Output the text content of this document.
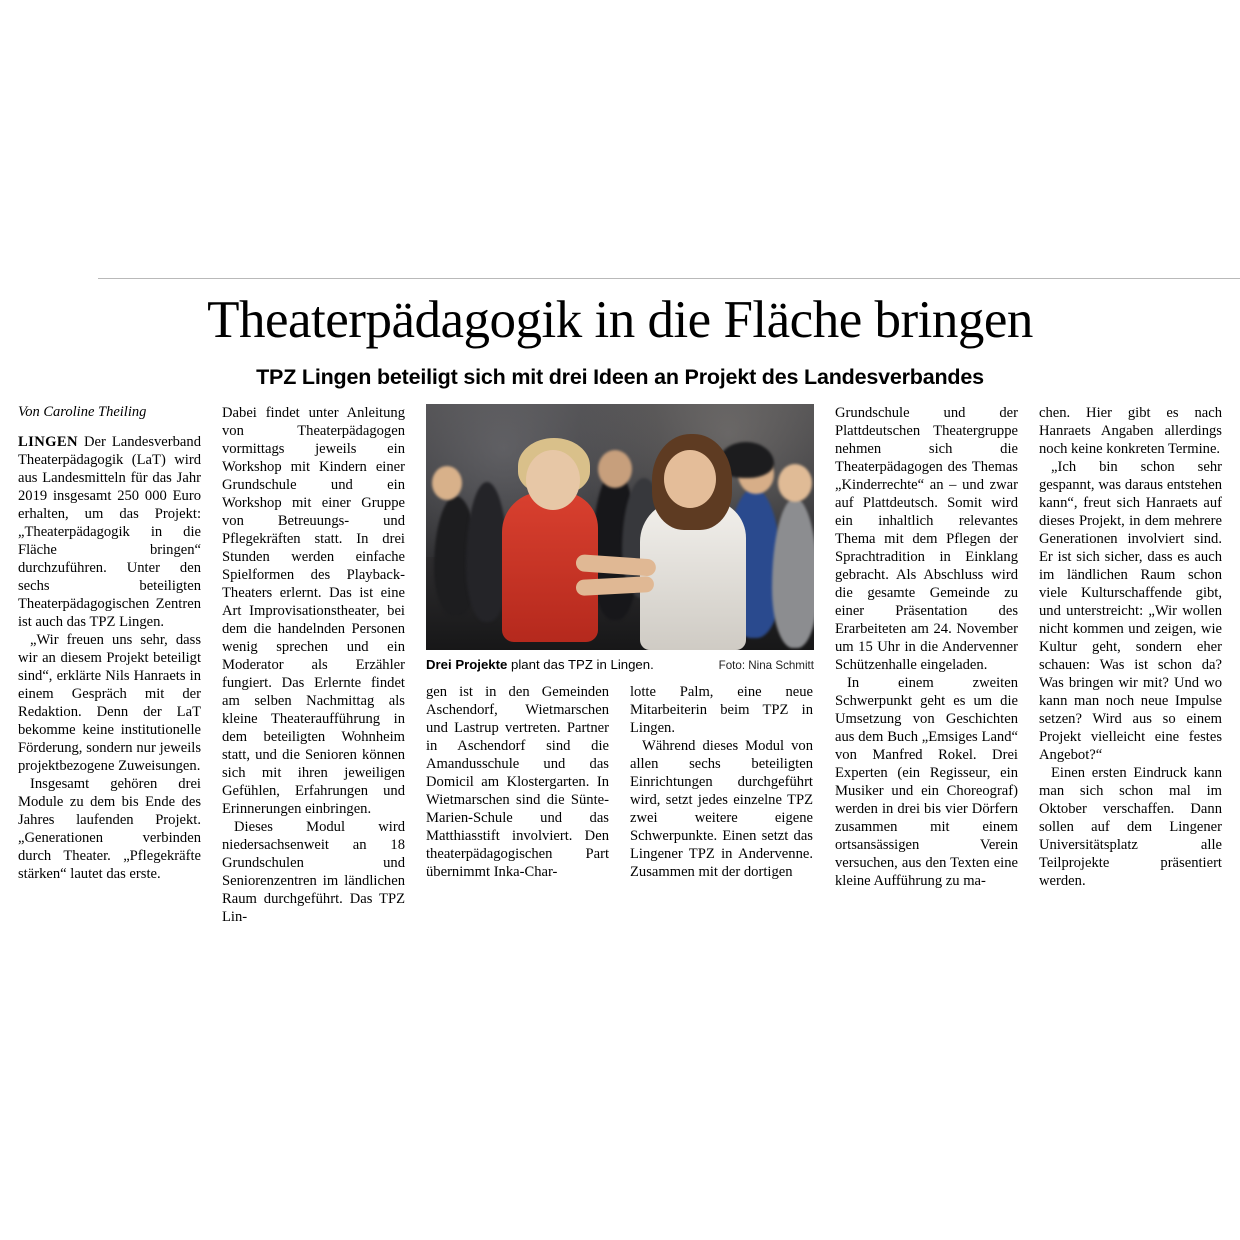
Theaterpädagogik in die Fläche bringen
TPZ Lingen beteiligt sich mit drei Ideen an Projekt des Landesverbandes
Von Caroline Theiling

LINGEN Der Landesverband Theaterpädagogik (LaT) wird aus Landesmitteln für das Jahr 2019 insgesamt 250 000 Euro erhalten, um das Projekt: „Theaterpädagogik in die Fläche bringen“ durchzuführen. Unter den sechs beteiligten Theaterpädagogischen Zentren ist auch das TPZ Lingen.

„Wir freuen uns sehr, dass wir an diesem Projekt beteiligt sind“, erklärte Nils Hanraets in einem Gespräch mit der Redaktion. Denn der LaT bekomme keine institutionelle Förderung, sondern nur jeweils projektbezogene Zuweisungen.

Insgesamt gehören drei Module zu dem bis Ende des Jahres laufenden Projekt. „Generationen verbinden durch Theater. „Pflegekräfte stärken“ lautet das erste.

Dabei findet unter Anleitung von Theaterpädagogen vormittags jeweils ein Workshop mit Kindern einer Grundschule und ein Workshop mit einer Gruppe von Betreuungs- und Pflegekräften statt. In drei Stunden werden einfache Spielformen des Playback-Theaters erlernt. Das ist eine Art Improvisationstheater, bei dem die handelnden Personen wenig sprechen und ein Moderator als Erzähler fungiert. Das Erlernte findet am selben Nachmittag als kleine Theateraufführung in dem beteiligten Wohnheim statt, und die Senioren können sich mit ihren jeweiligen Gefühlen, Erfahrungen und Erinnerungen einbringen.

Dieses Modul wird niedersachsenweit an 18 Grundschulen und Seniorenzentren im ländlichen Raum durchgeführt. Das TPZ Lin-

Drei Projekte plant das TPZ in Lingen.	Foto: Nina Schmitt

gen ist in den Gemeinden Aschendorf, Wietmarschen und Lastrup vertreten. Partner in Aschendorf sind die Amandusschule und das Domicil am Klostergarten. In Wietmarschen sind die Sünte-Marien-Schule und das Matthiasstift involviert. Den theaterpädagogischen Part übernimmt Inka-Char-

lotte Palm, eine neue Mitarbeiterin beim TPZ in Lingen.

Während dieses Modul von allen sechs beteiligten Einrichtungen durchgeführt wird, setzt jedes einzelne TPZ zwei weitere eigene Schwerpunkte. Einen setzt das Lingener TPZ in Andervenne. Zusammen mit der dortigen

Grundschule und der Plattdeutschen Theatergruppe nehmen sich die Theaterpädagogen des Themas „Kinderrechte“ an – und zwar auf Plattdeutsch. Somit wird ein inhaltlich relevantes Thema mit dem Pflegen der Sprachtradition in Einklang gebracht. Als Abschluss wird die gesamte Gemeinde zu einer Präsentation des Erarbeiteten am 24. November um 15 Uhr in die Andervenner Schützenhalle eingeladen.

In einem zweiten Schwerpunkt geht es um die Umsetzung von Geschichten aus dem Buch „Emsiges Land“ von Manfred Rokel. Drei Experten (ein Regisseur, ein Musiker und ein Choreograf) werden in drei bis vier Dörfern zusammen mit einem ortsansässigen Verein versuchen, aus den Texten eine kleine Aufführung zu ma-

chen. Hier gibt es nach Hanraets Angaben allerdings noch keine konkreten Termine.

„Ich bin schon sehr gespannt, was daraus entstehen kann“, freut sich Hanraets auf dieses Projekt, in dem mehrere Generationen involviert sind. Er ist sich sicher, dass es auch im ländlichen Raum schon viele Kulturschaffende gibt, und unterstreicht: „Wir wollen nicht kommen und zeigen, wie Kultur geht, sondern eher schauen: Was ist schon da? Was bringen wir mit? Und wo kann man noch neue Impulse setzen? Wird aus so einem Projekt vielleicht eine festes Angebot?“

Einen ersten Eindruck kann man sich schon mal im Oktober verschaffen. Dann sollen auf dem Lingener Universitätsplatz alle Teilprojekte präsentiert werden.
